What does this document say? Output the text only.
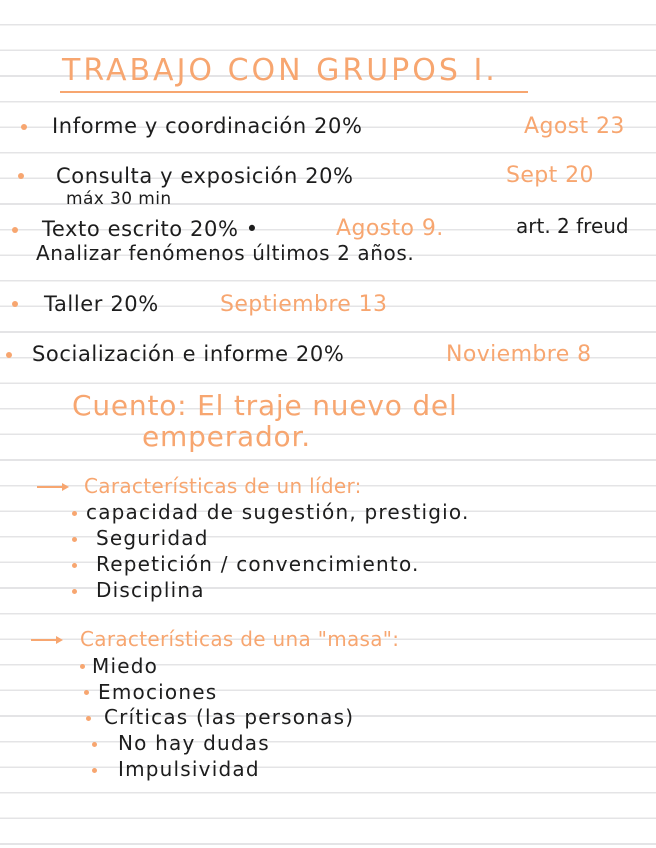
TRABAJO CON GRUPOS I.
Informe y coordinación 20%	Agost 23
Consulta y exposición 20%	Sept 20
máx 30 min
Texto escrito 20% •	Agosto 9.	art. 2 freud
Analizar fenómenos últimos 2 años.
Taller 20%	Septiembre 13
Socialización e informe 20%	Noviembre 8
Cuento: El traje nuevo del
emperador.
Características de un líder:
capacidad de sugestión, prestigio.
Seguridad
Repetición / convencimiento.
Disciplina
Características de una "masa":
Miedo
Emociones
Críticas (las personas)
No hay dudas
Impulsividad
